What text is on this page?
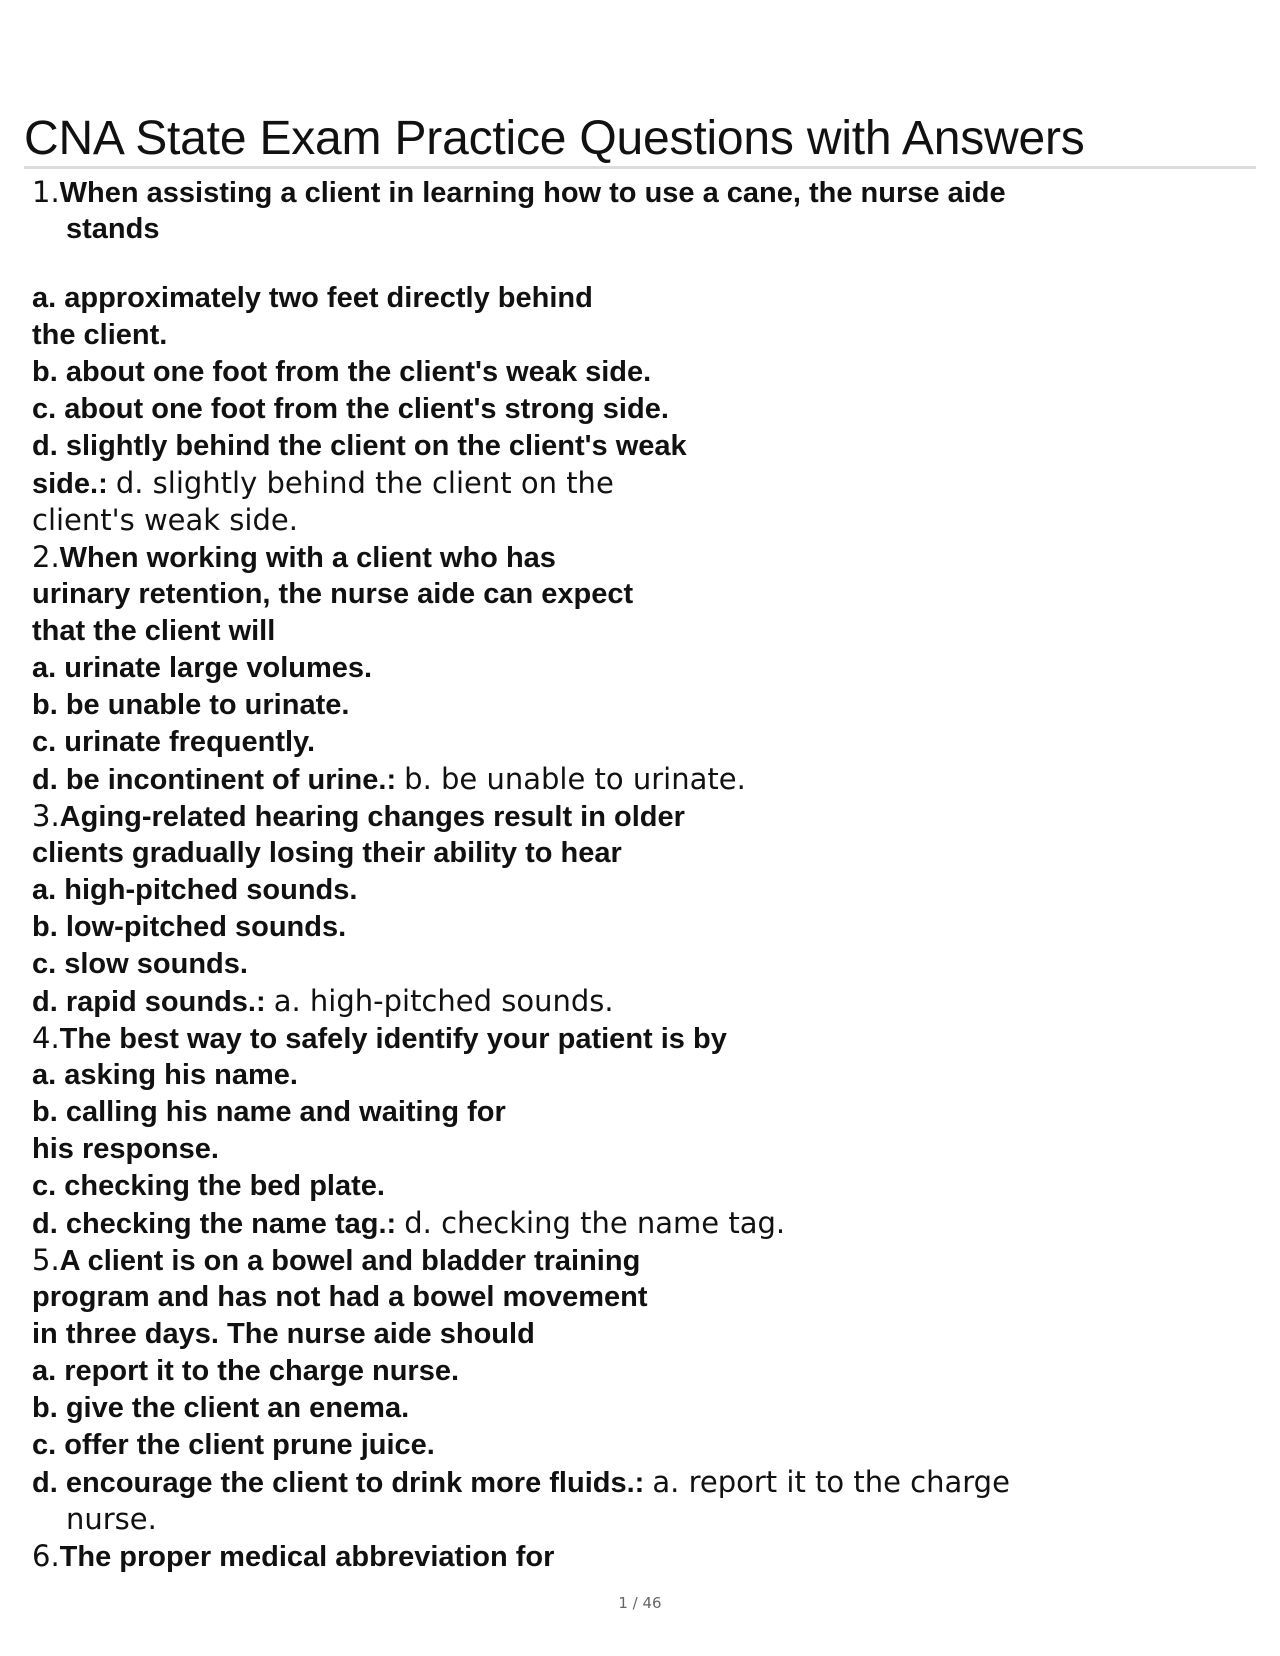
CNA State Exam Practice Questions with Answers
1.When assisting a client in learning how to use a cane, the nurse aide
stands
a. approximately two feet directly behind
the client.
b. about one foot from the client's weak side.
c. about one foot from the client's strong side.
d. slightly behind the client on the client's weak
side.: d. slightly behind the client on the
client's weak side.
2.When working with a client who has
urinary retention, the nurse aide can expect
that the client will
a. urinate large volumes.
b. be unable to urinate.
c. urinate frequently.
d. be incontinent of urine.: b. be unable to urinate.
3.Aging-related hearing changes result in older
clients gradually losing their ability to hear
a. high-pitched sounds.
b. low-pitched sounds.
c. slow sounds.
d. rapid sounds.: a. high-pitched sounds.
4.The best way to safely identify your patient is by
a. asking his name.
b. calling his name and waiting for
his response.
c. checking the bed plate.
d. checking the name tag.: d. checking the name tag.
5.A client is on a bowel and bladder training
program and has not had a bowel movement
in three days. The nurse aide should
a. report it to the charge nurse.
b. give the client an enema.
c. offer the client prune juice.
d. encourage the client to drink more fluids.: a. report it to the charge
nurse.
6.The proper medical abbreviation for
1 / 46
